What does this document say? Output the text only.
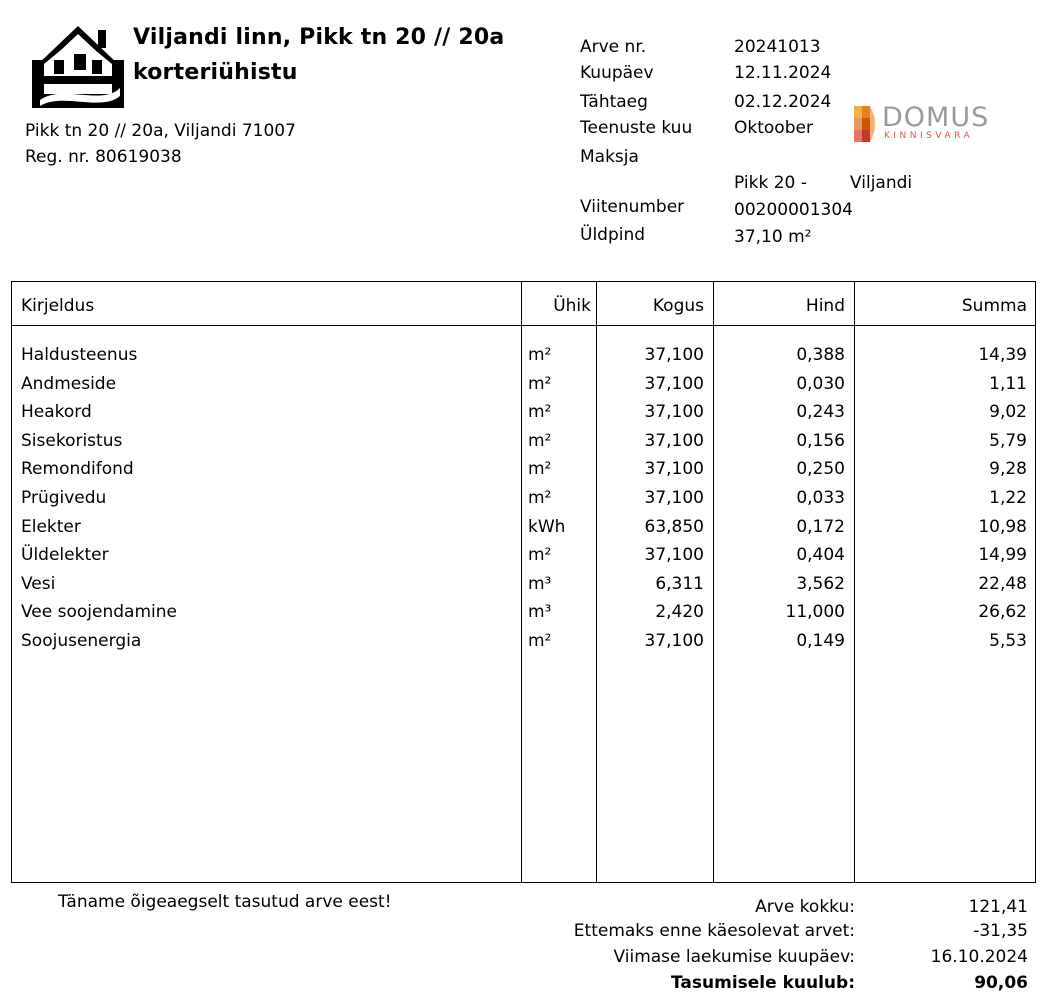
Viljandi linn, Pikk tn 20 // 20a
korteriühistu
Pikk tn 20 // 20a, Viljandi 71007
Reg. nr. 80619038
Arve nr.	20241013
Kuupäev	12.11.2024
Tähtaeg	02.12.2024
Teenuste kuu Oktoober
Maksja
Pikk 20 -	Viljandi
Viitenumber	00200001304
Üldpind	37,10 m²
DOMUS
KINNISVARA
Kirjeldus	Ühik	Kogus	Hind	Summa
Haldusteenus	m²	37,100	0,388	14,39
Andmeside	m²	37,100	0,030	1,11
Heakord	m²	37,100	0,243	9,02
Sisekoristus	m²	37,100	0,156	5,79
Remondifond	m²	37,100	0,250	9,28
Prügivedu	m²	37,100	0,033	1,22
Elekter	kWh	63,850	0,172	10,98
Üldelekter	m²	37,100	0,404	14,99
Vesi	m³	6,311	3,562	22,48
Vee soojendamine	m³	2,420	11,000	26,62
Soojusenergia	m²	37,100	0,149	5,53
Täname õigeaegselt tasutud arve eest!	Arve kokku:	121,41
Ettemaks enne käesolevat arvet:	-31,35
Viimase laekumise kuupäev:	16.10.2024
Tasumisele kuulub:	90,06
